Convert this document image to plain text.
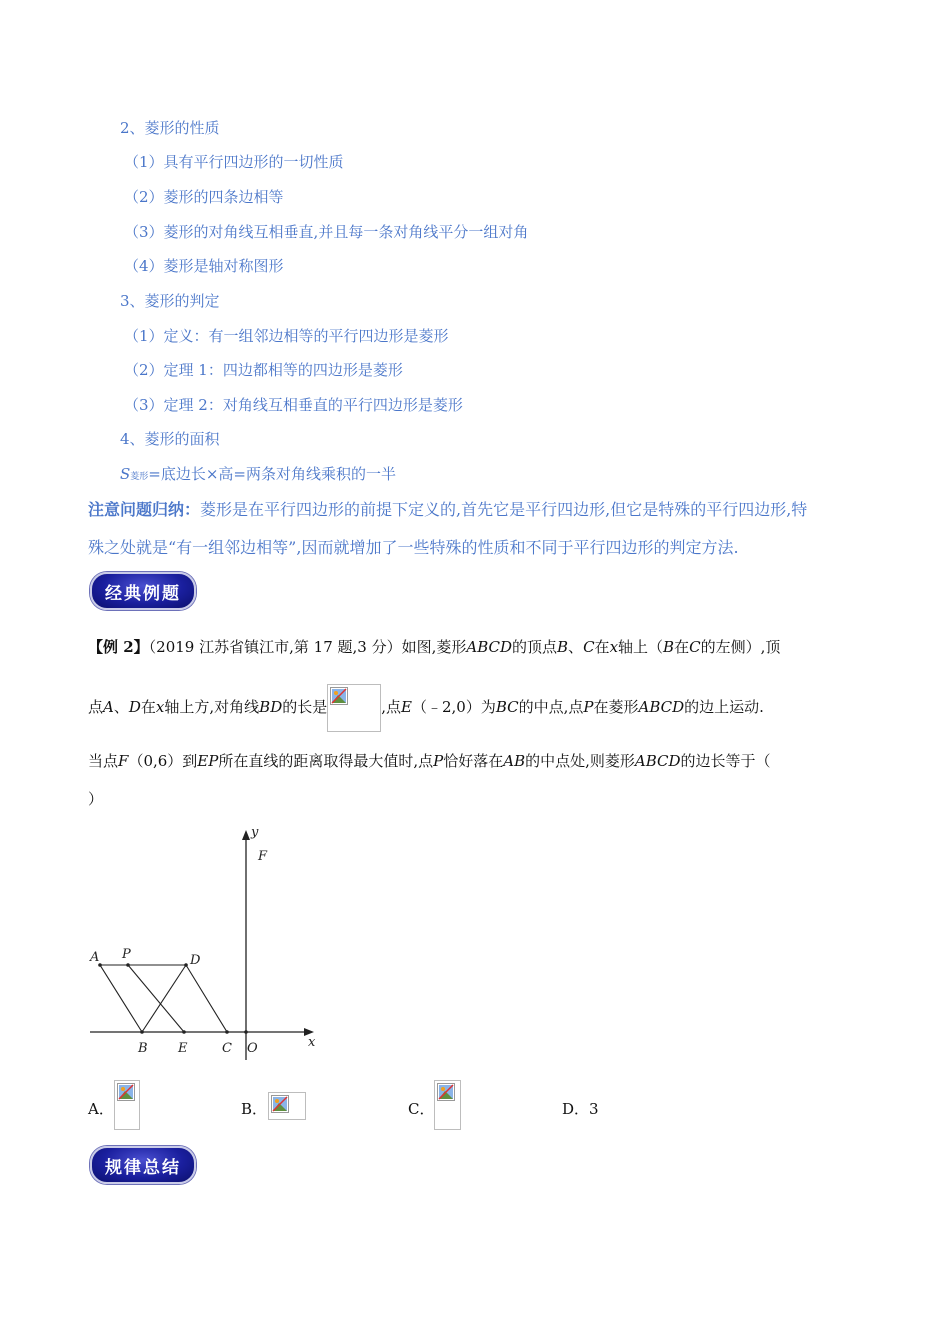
2、菱形的性质
（1）具有平行四边形的一切性质
（2）菱形的四条边相等
（3）菱形的对角线互相垂直,并且每一条对角线平分一组对角
（4）菱形是轴对称图形
3、菱形的判定
（1）定义：有一组邻边相等的平行四边形是菱形
（2）定理 1：四边都相等的四边形是菱形
（3）定理 2：对角线互相垂直的平行四边形是菱形
4、菱形的面积
S菱形=底边长×高=两条对角线乘积的一半
注意问题归纳：菱形是在平行四边形的前提下定义的,首先它是平行四边形,但它是特殊的平行四边形,特
殊之处就是“有一组邻边相等”,因而就增加了一些特殊的性质和不同于平行四边形的判定方法.
经典例题
【例 2】（2019 江苏省镇江市,第 17 题,3 分）如图,菱形ABCD的顶点B、C在x轴上（B在C的左侧）,顶
点A、D在x轴上方,对角线BD的长是	,点E（﹣2,0）为BC的中点,点P在菱形ABCD的边上运动.
当点F（0,6）到EP所在直线的距离取得最大值时,点P恰好落在AB的中点处,则菱形ABCD的边长等于（
）
y
F
A P	D
B E	C O	x
A．	B．	C．	D．3
规律总结
